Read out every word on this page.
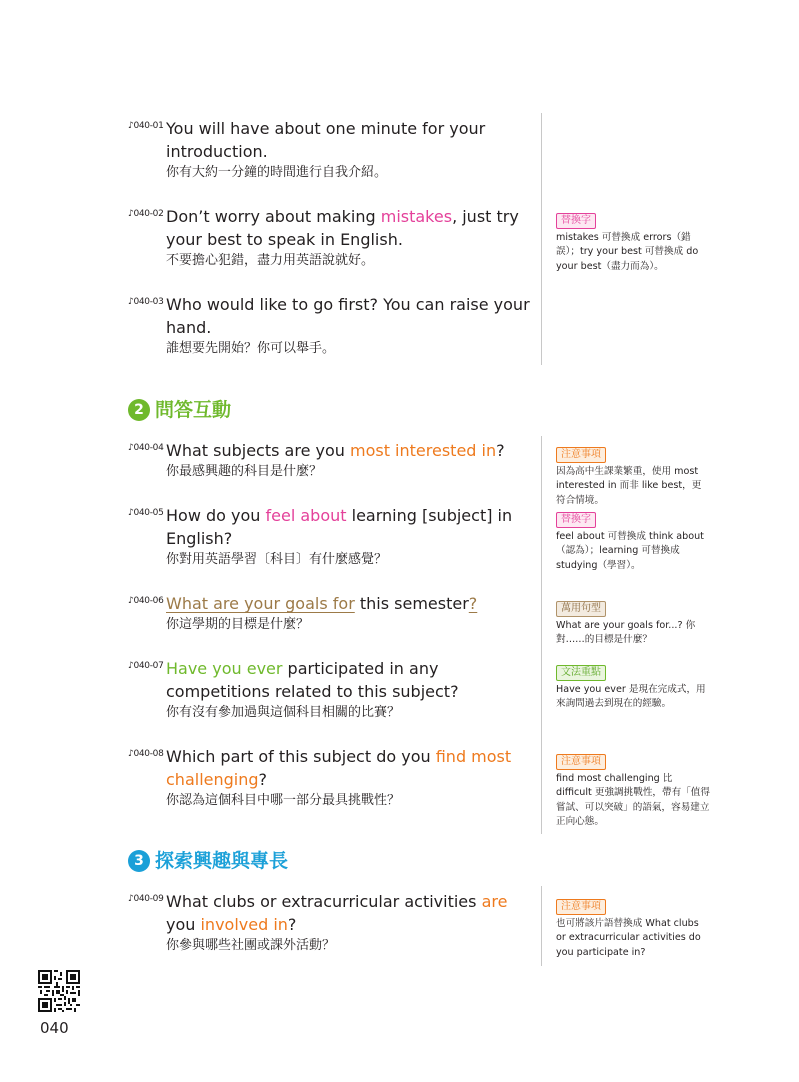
♪040-01 You will have about one minute for your introduction.
你有大約一分鐘的時間進行自我介紹。
♪040-02 Don’t worry about making mistakes, just try your best to speak in English.
不要擔心犯錯，盡力用英語說就好。
♪040-03 Who would like to go first? You can raise your hand.
誰想要先開始？你可以舉手。
2 問答互動
♪040-04 What subjects are you most interested in?
你最感興趣的科目是什麼？
♪040-05 How do you feel about learning [subject] in English?
你對用英語學習〔科目〕有什麼感覺？
♪040-06 What are your goals for this semester?
你這學期的目標是什麼？
♪040-07 Have you ever participated in any competitions related to this subject?
你有沒有參加過與這個科目相關的比賽？
♪040-08 Which part of this subject do you find most challenging?
你認為這個科目中哪一部分最具挑戰性？
3 探索興趣與專長
♪040-09 What clubs or extracurricular activities are you involved in?
你參與哪些社團或課外活動？
替換字
mistakes 可替換成 errors（錯誤）；try your best 可替換成 do your best（盡力而為）。
注意事項
因為高中生課業繁重，使用 most interested in 而非 like best，更符合情境。
替換字
feel about 可替換成 think about（認為）；learning 可替換成 studying（學習）。
萬用句型
What are your goals for...? 你對……的目標是什麼？
文法重點
Have you ever 是現在完成式，用來詢問過去到現在的經驗。
注意事項
find most challenging 比 difficult 更強調挑戰性，帶有「值得嘗試、可以突破」的語氣，容易建立正向心態。
注意事項
也可將該片語替換成 What clubs or extracurricular activities do you participate in?
040
